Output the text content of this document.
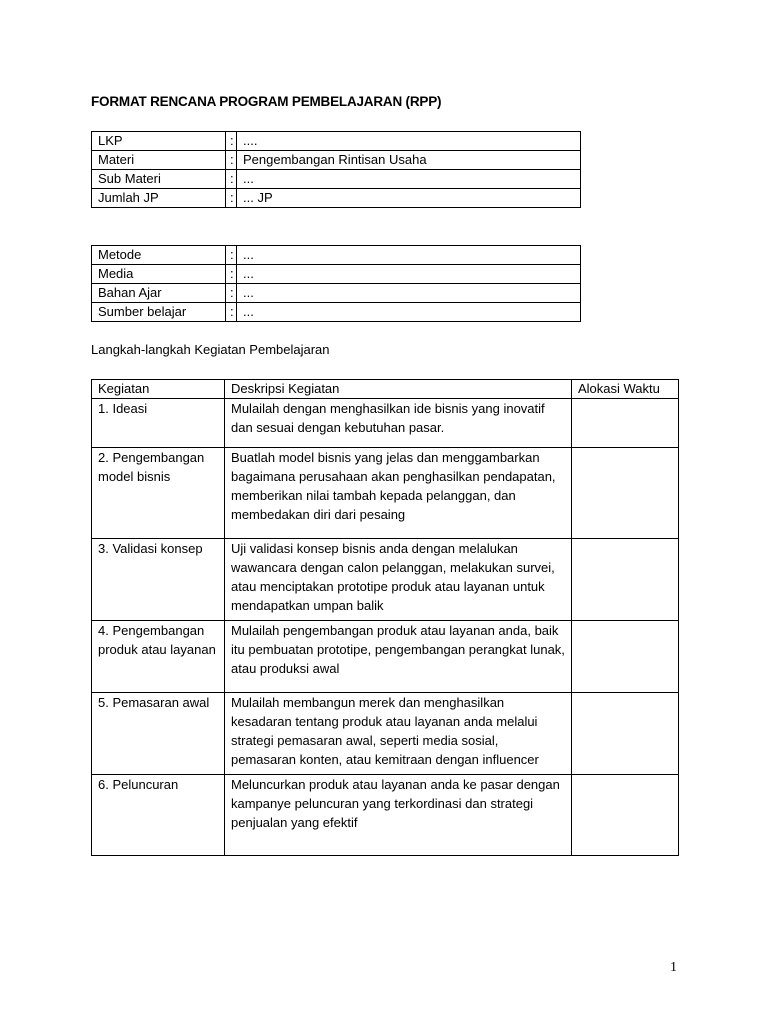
FORMAT RENCANA PROGRAM PEMBELAJARAN (RPP)
LKP	:	....
Materi	:	Pengembangan Rintisan Usaha
Sub Materi	:	...
Jumlah JP	:	... JP
Metode	:	...
Media	:	...
Bahan Ajar	:	...
Sumber belajar	:	...
Langkah-langkah Kegiatan Pembelajaran
Kegiatan	Deskripsi Kegiatan	Alokasi Waktu
1. Ideasi	Mulailah dengan menghasilkan ide bisnis yang inovatif dan sesuai dengan kebutuhan pasar.	
2. Pengembangan model bisnis	Buatlah model bisnis yang jelas dan menggambarkan bagaimana perusahaan akan penghasilkan pendapatan, memberikan nilai tambah kepada pelanggan, dan membedakan diri dari pesaing	
3. Validasi konsep	Uji validasi konsep bisnis anda dengan melalukan wawancara dengan calon pelanggan, melakukan survei, atau menciptakan prototipe produk atau layanan untuk mendapatkan umpan balik	
4. Pengembangan produk atau layanan	Mulailah pengembangan produk atau layanan anda, baik itu pembuatan prototipe, pengembangan perangkat lunak, atau produksi awal	
5. Pemasaran awal	Mulailah membangun merek dan menghasilkan kesadaran tentang produk atau layanan anda melalui strategi pemasaran awal, seperti media sosial, pemasaran konten, atau kemitraan dengan influencer	
6. Peluncuran	Meluncurkan produk atau layanan anda ke pasar dengan kampanye peluncuran yang terkordinasi dan strategi penjualan yang efektif	
1
